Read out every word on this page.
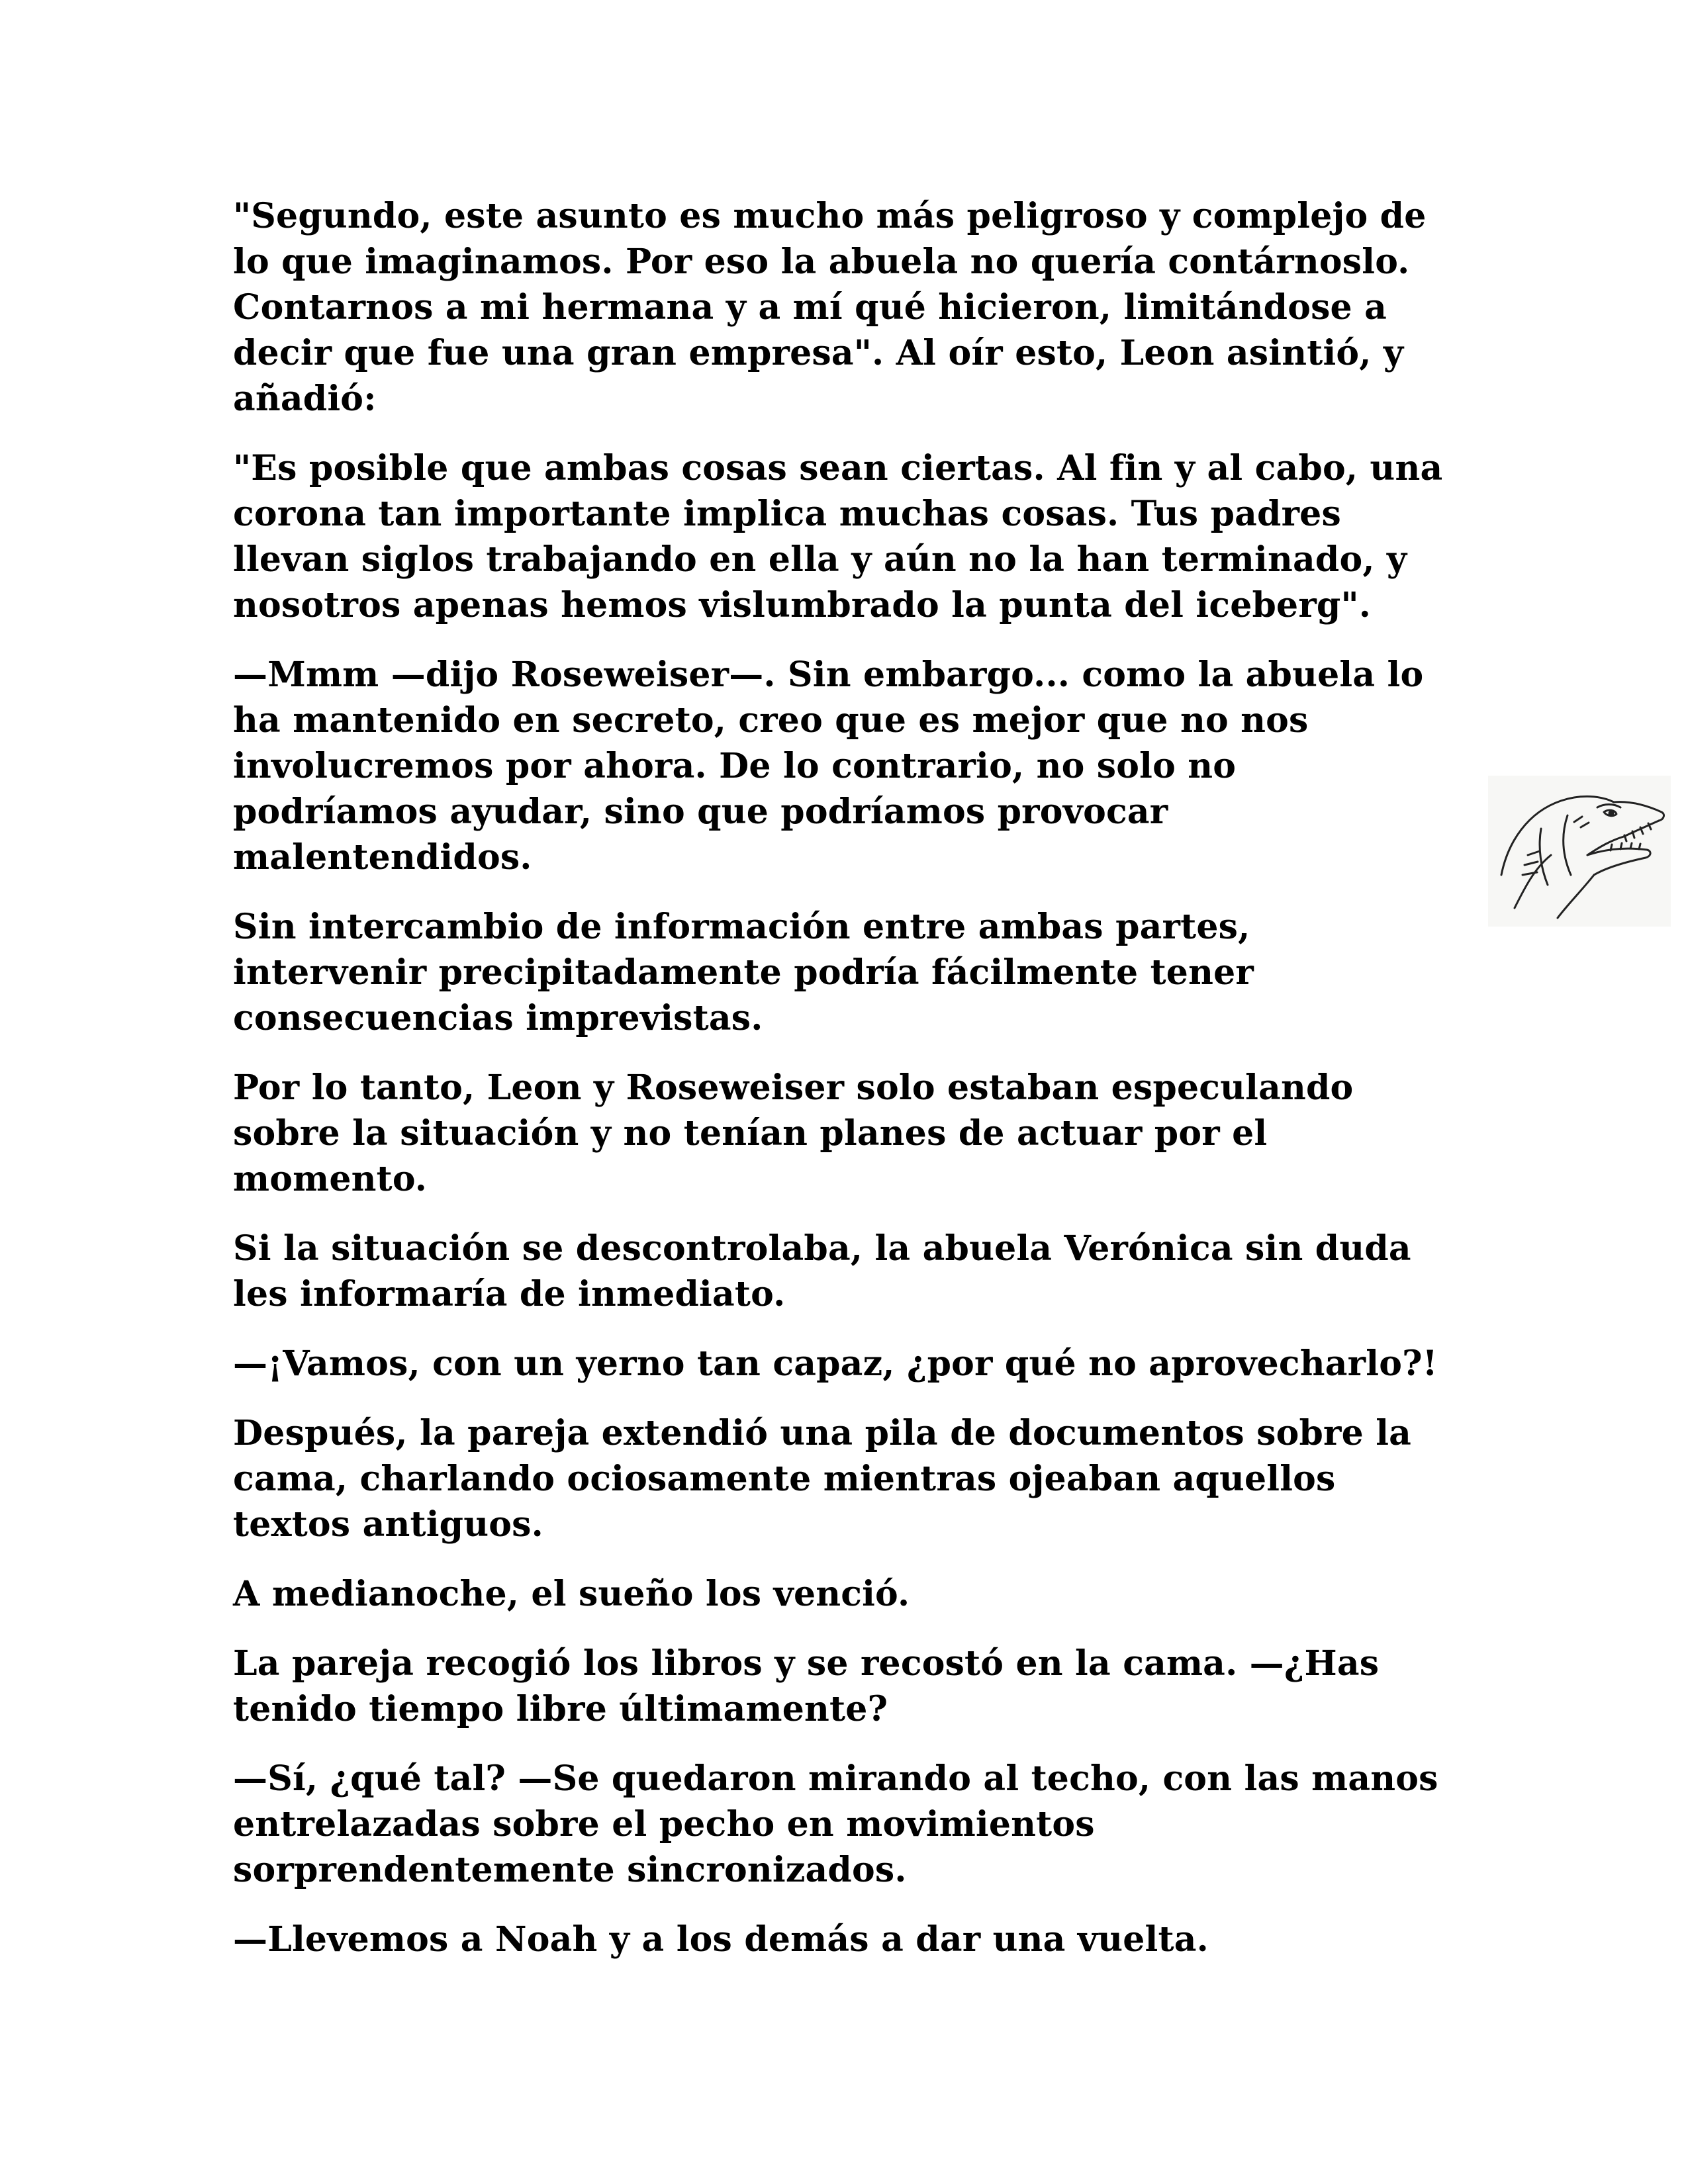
"Segundo, este asunto es mucho más peligroso y complejo de lo que imaginamos. Por eso la abuela no quería contárnoslo. Contarnos a mi hermana y a mí qué hicieron, limitándose a decir que fue una gran empresa". Al oír esto, Leon asintió, y añadió:

"Es posible que ambas cosas sean ciertas. Al fin y al cabo, una corona tan importante implica muchas cosas. Tus padres llevan siglos trabajando en ella y aún no la han terminado, y nosotros apenas hemos vislumbrado la punta del iceberg".

—Mmm —dijo Roseweiser—. Sin embargo... como la abuela lo ha mantenido en secreto, creo que es mejor que no nos involucremos por ahora. De lo contrario, no solo no podríamos ayudar, sino que podríamos provocar malentendidos.

Sin intercambio de información entre ambas partes, intervenir precipitadamente podría fácilmente tener consecuencias imprevistas.

Por lo tanto, Leon y Roseweiser solo estaban especulando sobre la situación y no tenían planes de actuar por el momento.

Si la situación se descontrolaba, la abuela Verónica sin duda les informaría de inmediato.

—¡Vamos, con un yerno tan capaz, ¿por qué no aprovecharlo?!

Después, la pareja extendió una pila de documentos sobre la cama, charlando ociosamente mientras ojeaban aquellos textos antiguos.

A medianoche, el sueño los venció.

La pareja recogió los libros y se recostó en la cama. —¿Has tenido tiempo libre últimamente?

—Sí, ¿qué tal? —Se quedaron mirando al techo, con las manos entrelazadas sobre el pecho en movimientos sorprendentemente sincronizados.

—Llevemos a Noah y a los demás a dar una vuelta.
